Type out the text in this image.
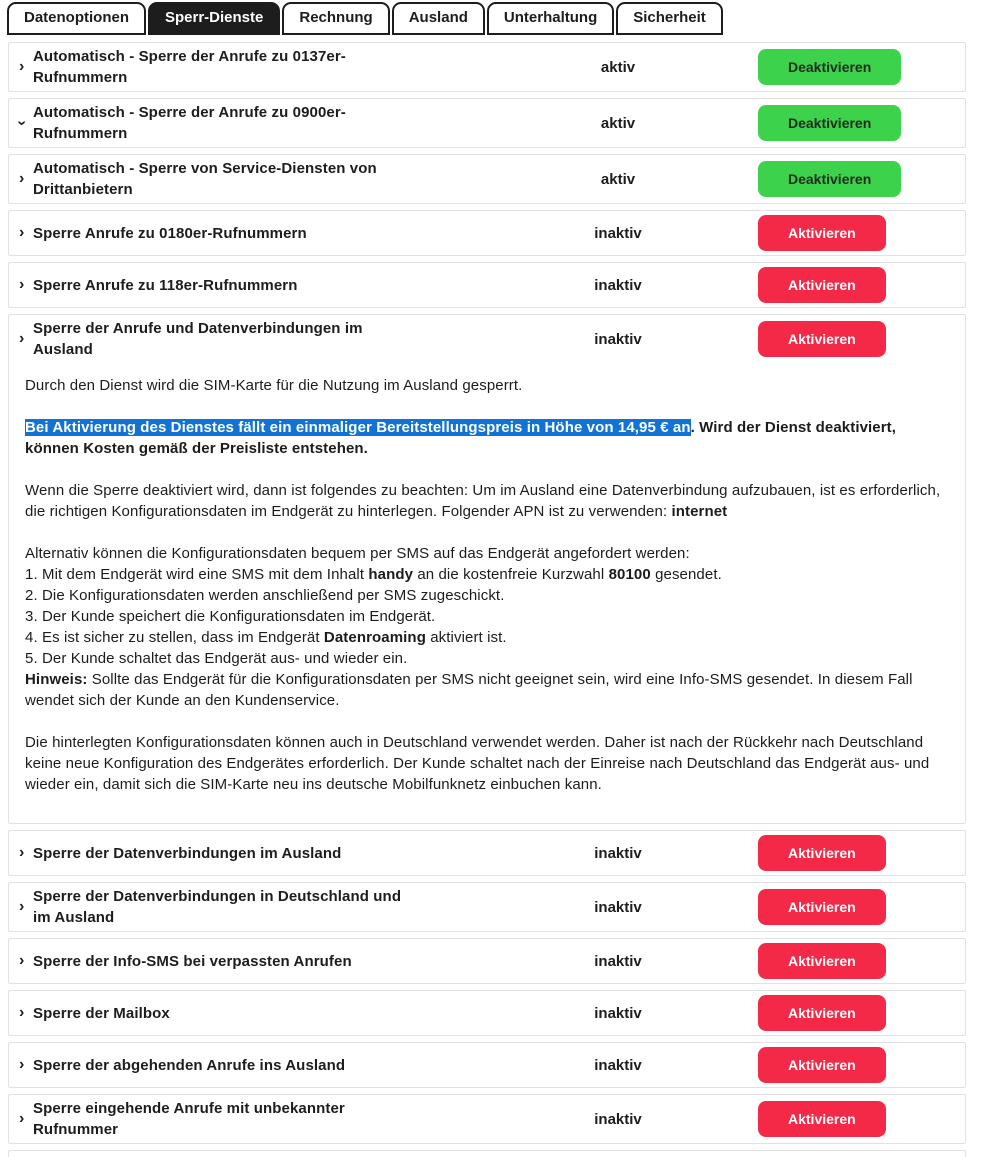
Datenoptionen	Sperr-Dienste	Rechnung	Ausland	Unterhaltung	Sicherheit
›
Automatisch - Sperre der Anrufe zu 0137er-Rufnummern
aktiv	Deaktivieren
›
Automatisch - Sperre der Anrufe zu 0900er-Rufnummern
aktiv	Deaktivieren
›
Automatisch - Sperre von Service-Diensten von Drittanbietern
aktiv	Deaktivieren
› Sperre Anrufe zu 0180er-Rufnummern	inaktiv	Aktivieren
› Sperre Anrufe zu 118er-Rufnummern	inaktiv	Aktivieren
›
Sperre der Anrufe und Datenverbindungen im Ausland
inaktiv	Aktivieren
Durch den Dienst wird die SIM-Karte für die Nutzung im Ausland gesperrt.
Bei Aktivierung des Dienstes fällt ein einmaliger Bereitstellungspreis in Höhe von 14,95 € an. Wird der Dienst deaktiviert, können Kosten gemäß der Preisliste entstehen.
Wenn die Sperre deaktiviert wird, dann ist folgendes zu beachten: Um im Ausland eine Datenverbindung aufzubauen, ist es erforderlich, die richtigen Konfigurationsdaten im Endgerät zu hinterlegen. Folgender APN ist zu verwenden: internet
Alternativ können die Konfigurationsdaten bequem per SMS auf das Endgerät angefordert werden:
1. Mit dem Endgerät wird eine SMS mit dem Inhalt handy an die kostenfreie Kurzwahl 80100 gesendet.
2. Die Konfigurationsdaten werden anschließend per SMS zugeschickt.
3. Der Kunde speichert die Konfigurationsdaten im Endgerät.
4. Es ist sicher zu stellen, dass im Endgerät Datenroaming aktiviert ist.
5. Der Kunde schaltet das Endgerät aus- und wieder ein.
Hinweis: Sollte das Endgerät für die Konfigurationsdaten per SMS nicht geeignet sein, wird eine Info-SMS gesendet. In diesem Fall wendet sich der Kunde an den Kundenservice.
Die hinterlegten Konfigurationsdaten können auch in Deutschland verwendet werden. Daher ist nach der Rückkehr nach Deutschland keine neue Konfiguration des Endgerätes erforderlich. Der Kunde schaltet nach der Einreise nach Deutschland das Endgerät aus- und wieder ein, damit sich die SIM-Karte neu ins deutsche Mobilfunknetz einbuchen kann.
› Sperre der Datenverbindungen im Ausland	inaktiv	Aktivieren
›
Sperre der Datenverbindungen in Deutschland und im Ausland
inaktiv	Aktivieren
› Sperre der Info-SMS bei verpassten Anrufen	inaktiv	Aktivieren
› Sperre der Mailbox	inaktiv	Aktivieren
› Sperre der abgehenden Anrufe ins Ausland	inaktiv	Aktivieren
›
Sperre eingehende Anrufe mit unbekannter Rufnummer
inaktiv	Aktivieren
